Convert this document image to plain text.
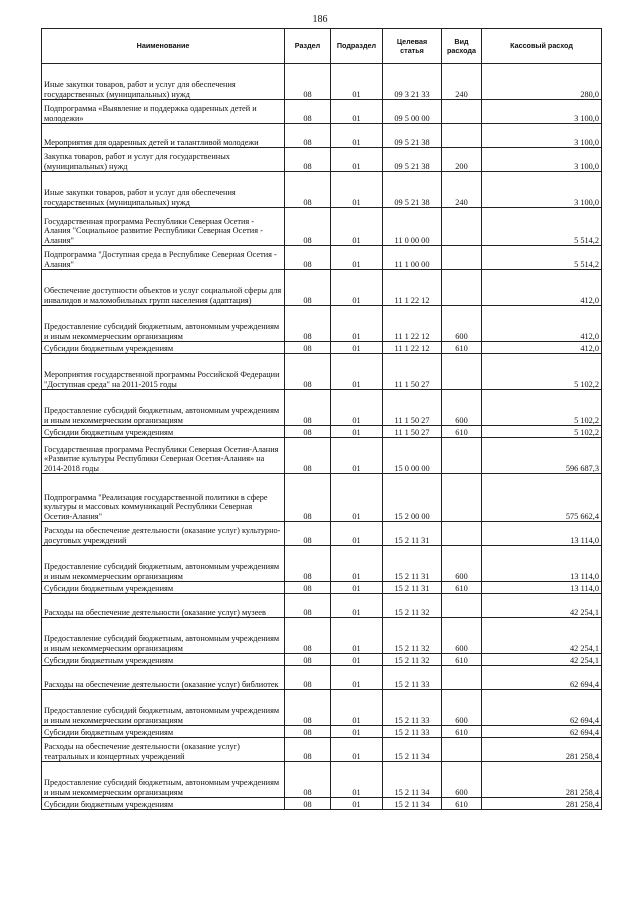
186
Наименование	Раздел	Подраздел	Целевая статья	Вид расхода	Кассовый расход
Иные закупки товаров, работ и услуг для обеспечения государственных (муниципальных) нужд	08	01	09 3 21 33	240	280,0
Подпрограмма «Выявление и поддержка одаренных детей и молодежи»	08	01	09 5 00 00		3 100,0
Мероприятия для одаренных детей и талантливой молодежи	08	01	09 5 21 38		3 100,0
Закупка товаров, работ и услуг для государственных (муниципальных) нужд	08	01	09 5 21 38	200	3 100,0
Иные закупки товаров, работ и услуг для обеспечения государственных (муниципальных) нужд	08	01	09 5 21 38	240	3 100,0
Государственная программа Республики Северная Осетия - Алания "Социальное развитие Республики Северная Осетия - Алания"	08	01	11 0 00 00		5 514,2
Подпрограмма "Доступная среда в Республике Северная Осетия - Алания"	08	01	11 1 00 00		5 514,2
Обеспечение доступности объектов и услуг социальной сферы для инвалидов и маломобильных групп населения (адаптация)	08	01	11 1 22 12		412,0
Предоставление субсидий бюджетным, автономным учреждениям и иным некоммерческим организациям	08	01	11 1 22 12	600	412,0
Субсидии бюджетным учреждениям	08	01	11 1 22 12	610	412,0
Мероприятия государственной программы Российской Федерации "Доступная среда" на 2011-2015 годы	08	01	11 1 50 27		5 102,2
Предоставление субсидий бюджетным, автономным учреждениям и иным некоммерческим организациям	08	01	11 1 50 27	600	5 102,2
Субсидии бюджетным учреждениям	08	01	11 1 50 27	610	5 102,2
Государственная программа Республики Северная Осетия-Алания «Развитие культуры Республики Северная Осетия-Алания» на 2014-2018 годы	08	01	15 0 00 00		596 687,3
Подпрограмма "Реализация государственной политики в сфере культуры и массовых коммуникаций Республики Северная Осетия-Алания"	08	01	15 2 00 00		575 662,4
Расходы на обеспечение деятельности (оказание услуг) культурно-досуговых учреждений	08	01	15 2 11 31		13 114,0
Предоставление субсидий бюджетным, автономным учреждениям и иным некоммерческим организациям	08	01	15 2 11 31	600	13 114,0
Субсидии бюджетным учреждениям	08	01	15 2 11 31	610	13 114,0
Расходы на обеспечение деятельности (оказание услуг) музеев	08	01	15 2 11 32		42 254,1
Предоставление субсидий бюджетным, автономным учреждениям и иным некоммерческим организациям	08	01	15 2 11 32	600	42 254,1
Субсидии бюджетным учреждениям	08	01	15 2 11 32	610	42 254,1
Расходы на обеспечение деятельности (оказание услуг) библиотек	08	01	15 2 11 33		62 694,4
Предоставление субсидий бюджетным, автономным учреждениям и иным некоммерческим организациям	08	01	15 2 11 33	600	62 694,4
Субсидии бюджетным учреждениям	08	01	15 2 11 33	610	62 694,4
Расходы на обеспечение деятельности (оказание услуг) театральных и концертных учреждений	08	01	15 2 11 34		281 258,4
Предоставление субсидий бюджетным, автономным учреждениям и иным некоммерческим организациям	08	01	15 2 11 34	600	281 258,4
Субсидии бюджетным учреждениям	08	01	15 2 11 34	610	281 258,4
